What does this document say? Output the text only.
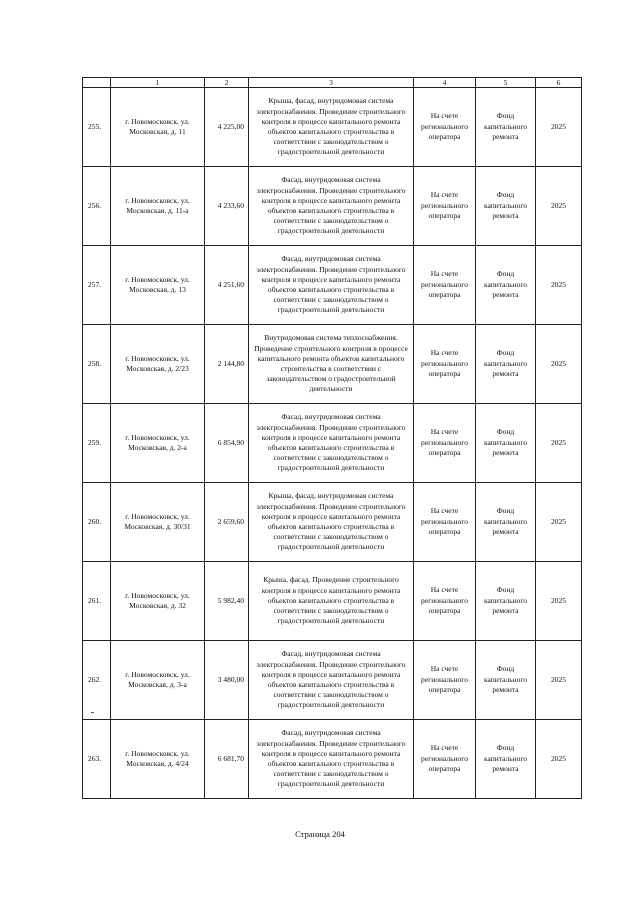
	1	2	3	4	5	6
255.	г. Новомосковск, ул. Московская, д. 11	4 225,00	Крыша, фасад, внутридомовая система электроснабжения. Проведение строительного контроля в процессе капитального ремонта объектов капитального строительства в соответствии с законодательством о градостроительной деятельности	На счете регионального оператора	Фонд капитального ремонта	2025
256.	г. Новомосковск, ул. Московская, д. 11-а	4 233,60	Фасад, внутридомовая система электроснабжения. Проведение строительного контроля в процессе капитального ремонта объектов капитального строительства в соответствии с законодательством о градостроительной деятельности	На счете регионального оператора	Фонд капитального ремонта	2025
257.	г. Новомосковск, ул. Московская, д. 13	4 251,60	Фасад, внутридомовая система электроснабжения. Проведение строительного контроля в процессе капитального ремонта объектов капитального строительства в соответствии с законодательством о градостроительной деятельности	На счете регионального оператора	Фонд капитального ремонта	2025
258.	г. Новомосковск, ул. Московская, д. 2/23	2 144,80	Внутридомовая система теплоснабжения. Проведение строительного контроля в процессе капитального ремонта объектов капитального строительства в соответствии с законодательством о градостроительной деятельности	На счете регионального оператора	Фонд капитального ремонта	2025
259.	г. Новомосковск, ул. Московская, д. 2-а	6 854,90	Фасад, внутридомовая система электроснабжения. Проведение строительного контроля в процессе капитального ремонта объектов капитального строительства в соответствии с законодательством о градостроительной деятельности	На счете регионального оператора	Фонд капитального ремонта	2025
260.	г. Новомосковск, ул. Московская, д. 30/31	2 659,60	Крыша, фасад, внутридомовая система электроснабжения. Проведение строительного контроля в процессе капитального ремонта объектов капитального строительства в соответствии с законодательством о градостроительной деятельности	На счете регионального оператора	Фонд капитального ремонта	2025
261.	г. Новомосковск, ул. Московская, д. 32	5 982,40	Крыша, фасад. Проведение строительного контроля в процессе капитального ремонта объектов капитального строительства в соответствии с законодательством о градостроительной деятельности	На счете регионального оператора	Фонд капитального ремонта	2025
262.	г. Новомосковск, ул. Московская, д. 3-а	3 480,00	Фасад, внутридомовая система электроснабжения. Проведение строительного контроля в процессе капитального ремонта объектов капитального строительства в соответствии с законодательством о градостроительной деятельности	На счете регионального оператора	Фонд капитального ремонта	2025
263.	г. Новомосковск, ул. Московская, д. 4/24	6 681,70	Фасад, внутридомовая система электроснабжения. Проведение строительного контроля в процессе капитального ремонта объектов капитального строительства в соответствии с законодательством о градостроительной деятельности	На счете регионального оператора	Фонд капитального ремонта	2025
Страница 204
